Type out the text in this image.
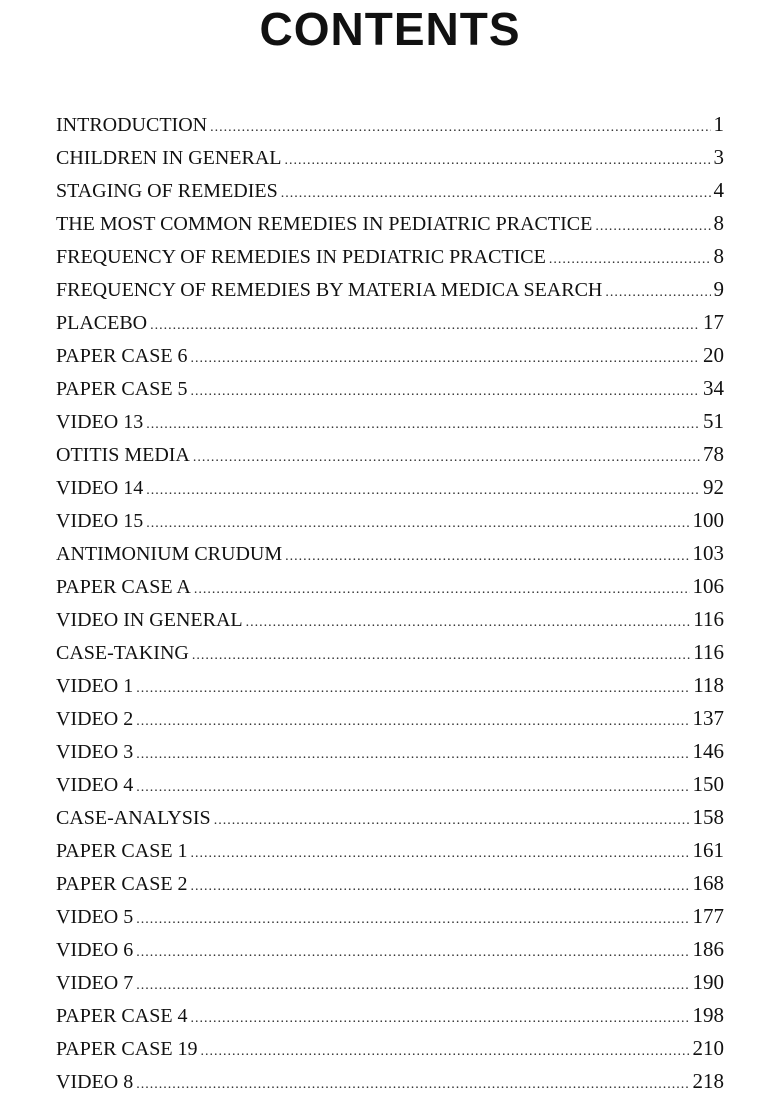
CONTENTS
INTRODUCTION .....	1
CHILDREN IN GENERAL .....	3
STAGING OF REMEDIES .....	4
THE MOST COMMON REMEDIES IN PEDIATRIC PRACTICE .....	8
FREQUENCY OF REMEDIES IN PEDIATRIC PRACTICE .....	8
FREQUENCY OF REMEDIES BY MATERIA MEDICA SEARCH .....	9
PLACEBO .....	17
PAPER CASE 6 .....	20
PAPER CASE 5 .....	34
VIDEO 13 .....	51
OTITIS MEDIA .....	78
VIDEO 14 .....	92
VIDEO 15 .....	100
ANTIMONIUM CRUDUM .....	103
PAPER CASE A .....	106
VIDEO IN GENERAL .....	116
CASE-TAKING .....	116
VIDEO 1 .....	118
VIDEO 2 .....	137
VIDEO 3 .....	146
VIDEO 4 .....	150
CASE-ANALYSIS .....	158
PAPER CASE 1 .....	161
PAPER CASE 2 .....	168
VIDEO 5 .....	177
VIDEO 6 .....	186
VIDEO 7 .....	190
PAPER CASE 4 .....	198
PAPER CASE 19 .....	210
VIDEO 8 .....	218
